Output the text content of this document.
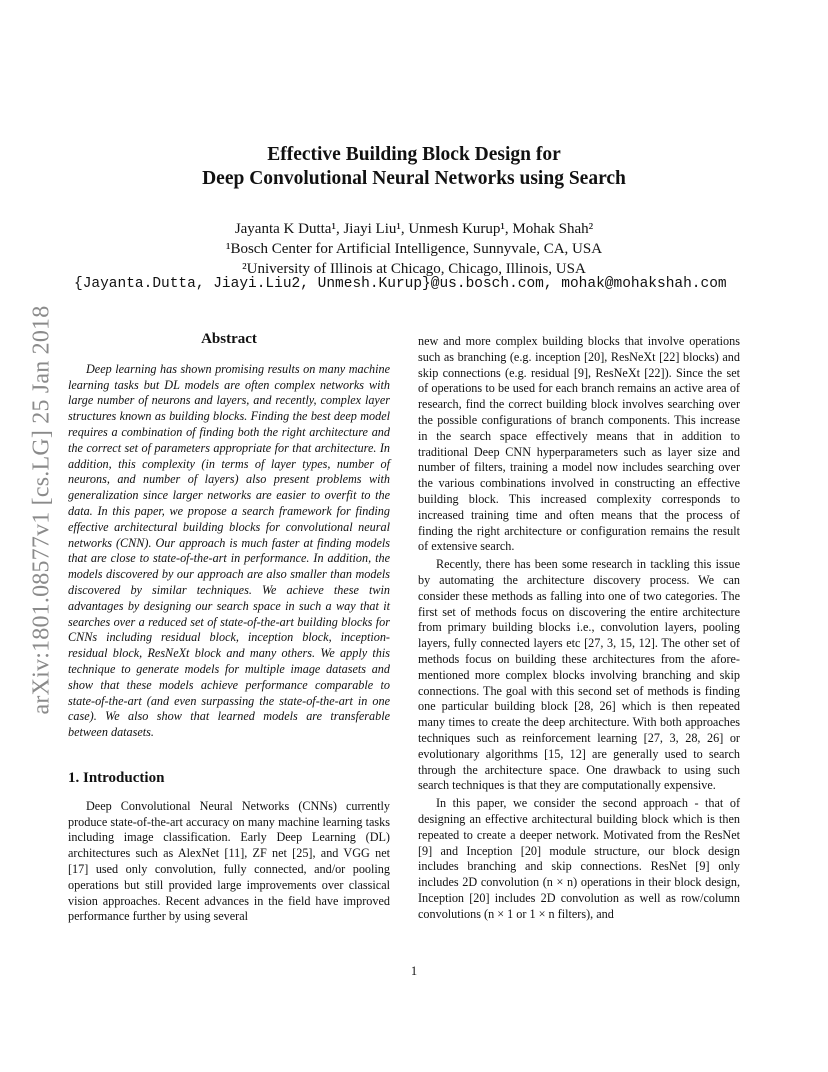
arXiv:1801.08577v1 [cs.LG] 25 Jan 2018
Effective Building Block Design for
Deep Convolutional Neural Networks using Search
Jayanta K Dutta¹, Jiayi Liu¹, Unmesh Kurup¹, Mohak Shah²
¹Bosch Center for Artificial Intelligence, Sunnyvale, CA, USA
²University of Illinois at Chicago, Chicago, Illinois, USA
{Jayanta.Dutta, Jiayi.Liu2, Unmesh.Kurup}@us.bosch.com, mohak@mohakshah.com
Abstract

Deep learning has shown promising results on many machine learning tasks but DL models are often complex networks with large number of neurons and layers, and recently, complex layer structures known as building blocks. Finding the best deep model requires a combination of finding both the right architecture and the correct set of parameters appropriate for that architecture. In addition, this complexity (in terms of layer types, number of neurons, and number of layers) also present problems with generalization since larger networks are easier to overfit to the data. In this paper, we propose a search framework for finding effective architectural building blocks for convolutional neural networks (CNN). Our approach is much faster at finding models that are close to state-of-the-art in performance. In addition, the models discovered by our approach are also smaller than models discovered by similar techniques. We achieve these twin advantages by designing our search space in such a way that it searches over a reduced set of state-of-the-art building blocks for CNNs including residual block, inception block, inception-residual block, ResNeXt block and many others. We apply this technique to generate models for multiple image datasets and show that these models achieve performance comparable to state-of-the-art (and even surpassing the state-of-the-art in one case). We also show that learned models are transferable between datasets.

1. Introduction

Deep Convolutional Neural Networks (CNNs) currently produce state-of-the-art accuracy on many machine learning tasks including image classification. Early Deep Learning (DL) architectures such as AlexNet [11], ZF net [25], and VGG net [17] used only convolution, fully connected, and/or pooling operations but still provided large improvements over classical vision approaches. Recent advances in the field have improved performance further by using several

new and more complex building blocks that involve operations such as branching (e.g. inception [20], ResNeXt [22] blocks) and skip connections (e.g. residual [9], ResNeXt [22]). Since the set of operations to be used for each branch remains an active area of research, find the correct building block involves searching over the possible configurations of branch components. This increase in the search space effectively means that in addition to traditional Deep CNN hyperparameters such as layer size and number of filters, training a model now includes searching over the various combinations involved in constructing an effective building block. This increased complexity corresponds to increased training time and often means that the process of finding the right architecture or configuration remains the result of extensive search.

Recently, there has been some research in tackling this issue by automating the architecture discovery process. We can consider these methods as falling into one of two categories. The first set of methods focus on discovering the entire architecture from primary building blocks i.e., convolution layers, pooling layers, fully connected layers etc [27, 3, 15, 12]. The other set of methods focus on building these architectures from the afore-mentioned more complex blocks involving branching and skip connections. The goal with this second set of methods is finding one particular building block [28, 26] which is then repeated many times to create the deep architecture. With both approaches techniques such as reinforcement learning [27, 3, 28, 26] or evolutionary algorithms [15, 12] are generally used to search through the architecture space. One drawback to using such search techniques is that they are computationally expensive.

In this paper, we consider the second approach - that of designing an effective architectural building block which is then repeated to create a deeper network. Motivated from the ResNet [9] and Inception [20] module structure, our block design includes branching and skip connections. ResNet [9] only includes 2D convolution (n × n) operations in their block design, Inception [20] includes 2D convolution as well as row/column convolutions (n × 1 or 1 × n filters), and

1
